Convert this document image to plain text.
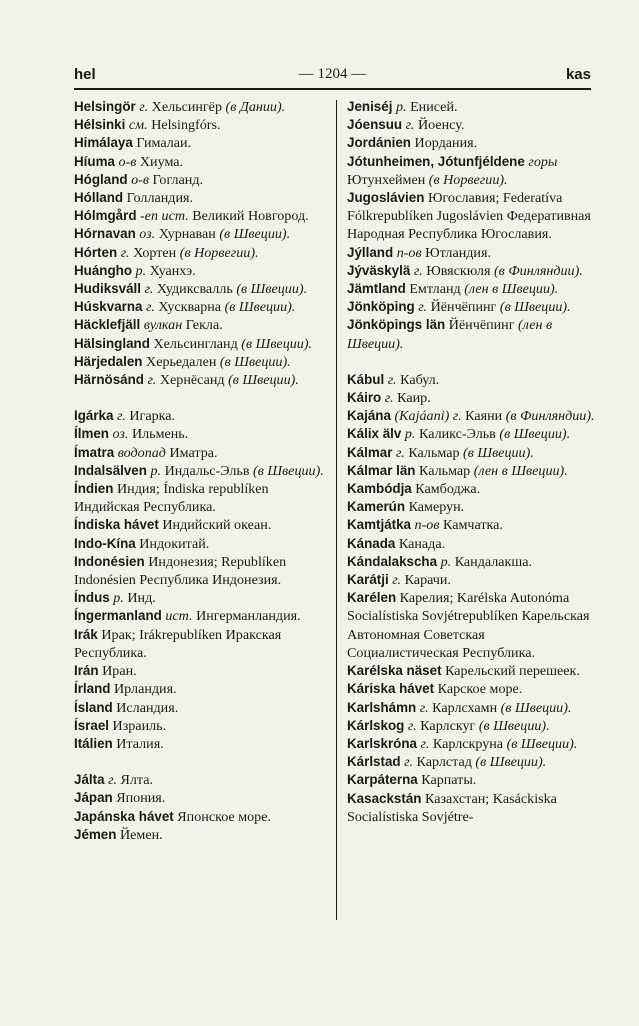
hel	— 1204 —	kas
Helsingör г. Хельсингёр (в Дании).
Hélsinki см. Helsingfórs.
Himálaya Гималаи.
Híuma о-в Хиума.
Hógland о-в Гогланд.
Hólland Голландия.
Hólmgård -en ист. Великий Новгород.
Hórnavan оз. Хурнаван (в Швеции).
Hórten г. Хортен (в Норвегии).
Huángho р. Хуанхэ.
Hudiksváll г. Худиксвалль (в Швеции).
Húskvarna г. Хускварна (в Швеции).
Häcklefjäll вулкан Гекла.
Hälsingland Хельсингланд (в Швеции).
Härjedalen Херьедален (в Швеции).
Härnösánd г. Хернёсанд (в Швеции).
Igárka г. Игарка.
Ílmen оз. Ильмень.
Ímatra водопад Иматра.
Indalsälven р. Индальс-Эльв (в Швеции).
Índien Индия; Índiska republíken Индийская Республика.
Índiska hávet Индийский океан.
Indo-Kína Индокитай.
Indonésien Индонезия; Republíken Indonésien Республика Индонезия.
Índus р. Инд.
Íngermanland ист. Ингерманландия.
Irák Ирак; Irákrepublíken Иракская Республика.
Irán Иран.
Írland Ирландия.
Ísland Исландия.
Ísrael Израиль.
Itálien Италия.
Jálta г. Ялта.
Jápan Япония.
Japánska hávet Японское море.
Jémen Йемен.
Jeniséj р. Енисей.
Jóensuu г. Йоенсу.
Jordánien Иордания.
Jótunheimen, Jótunfjéldene горы Ютунхеймен (в Норвегии).
Jugoslávien Югославия; Federatíva Fólkrepublíken Jugoslávien Федеративная Народная Республика Югославия.
Jýlland п-ов Ютландия.
Jýväskylä г. Ювяскюля (в Финляндии).
Jämtland Емтланд (лен в Швеции).
Jönköping г. Йёнчёпинг (в Швеции).
Jönköpings län Йёнчёпинг (лен в Швеции).
Kábul г. Кабул.
Káiro г. Каир.
Kajána (Kajáani) г. Каяни (в Финляндии).
Kálix älv р. Каликс-Эльв (в Швеции).
Kálmar г. Кальмар (в Швеции).
Kálmar län Кальмар (лен в Швеции).
Kambódja Камбоджа.
Kamerún Камерун.
Kamtjátka п-ов Камчатка.
Kánada Канада.
Kándalakscha р. Кандалакша.
Karátji г. Карачи.
Karélen Карелия; Karélska Autonóma Socialístiska Sovjétrepublíken Карельская Автономная Советская Социалистическая Республика.
Karélska näset Карельский перешеек.
Káriska hávet Карское море.
Karlshámn г. Карлсхамн (в Швеции).
Kárlskog г. Карлскуг (в Швеции).
Karlskróna г. Карлскруна (в Швеции).
Kárlstad г. Карлстад (в Швеции).
Karpáterna Карпаты.
Kasackstán Казахстан; Kasáckiska Socialístiska Sovjétre-
